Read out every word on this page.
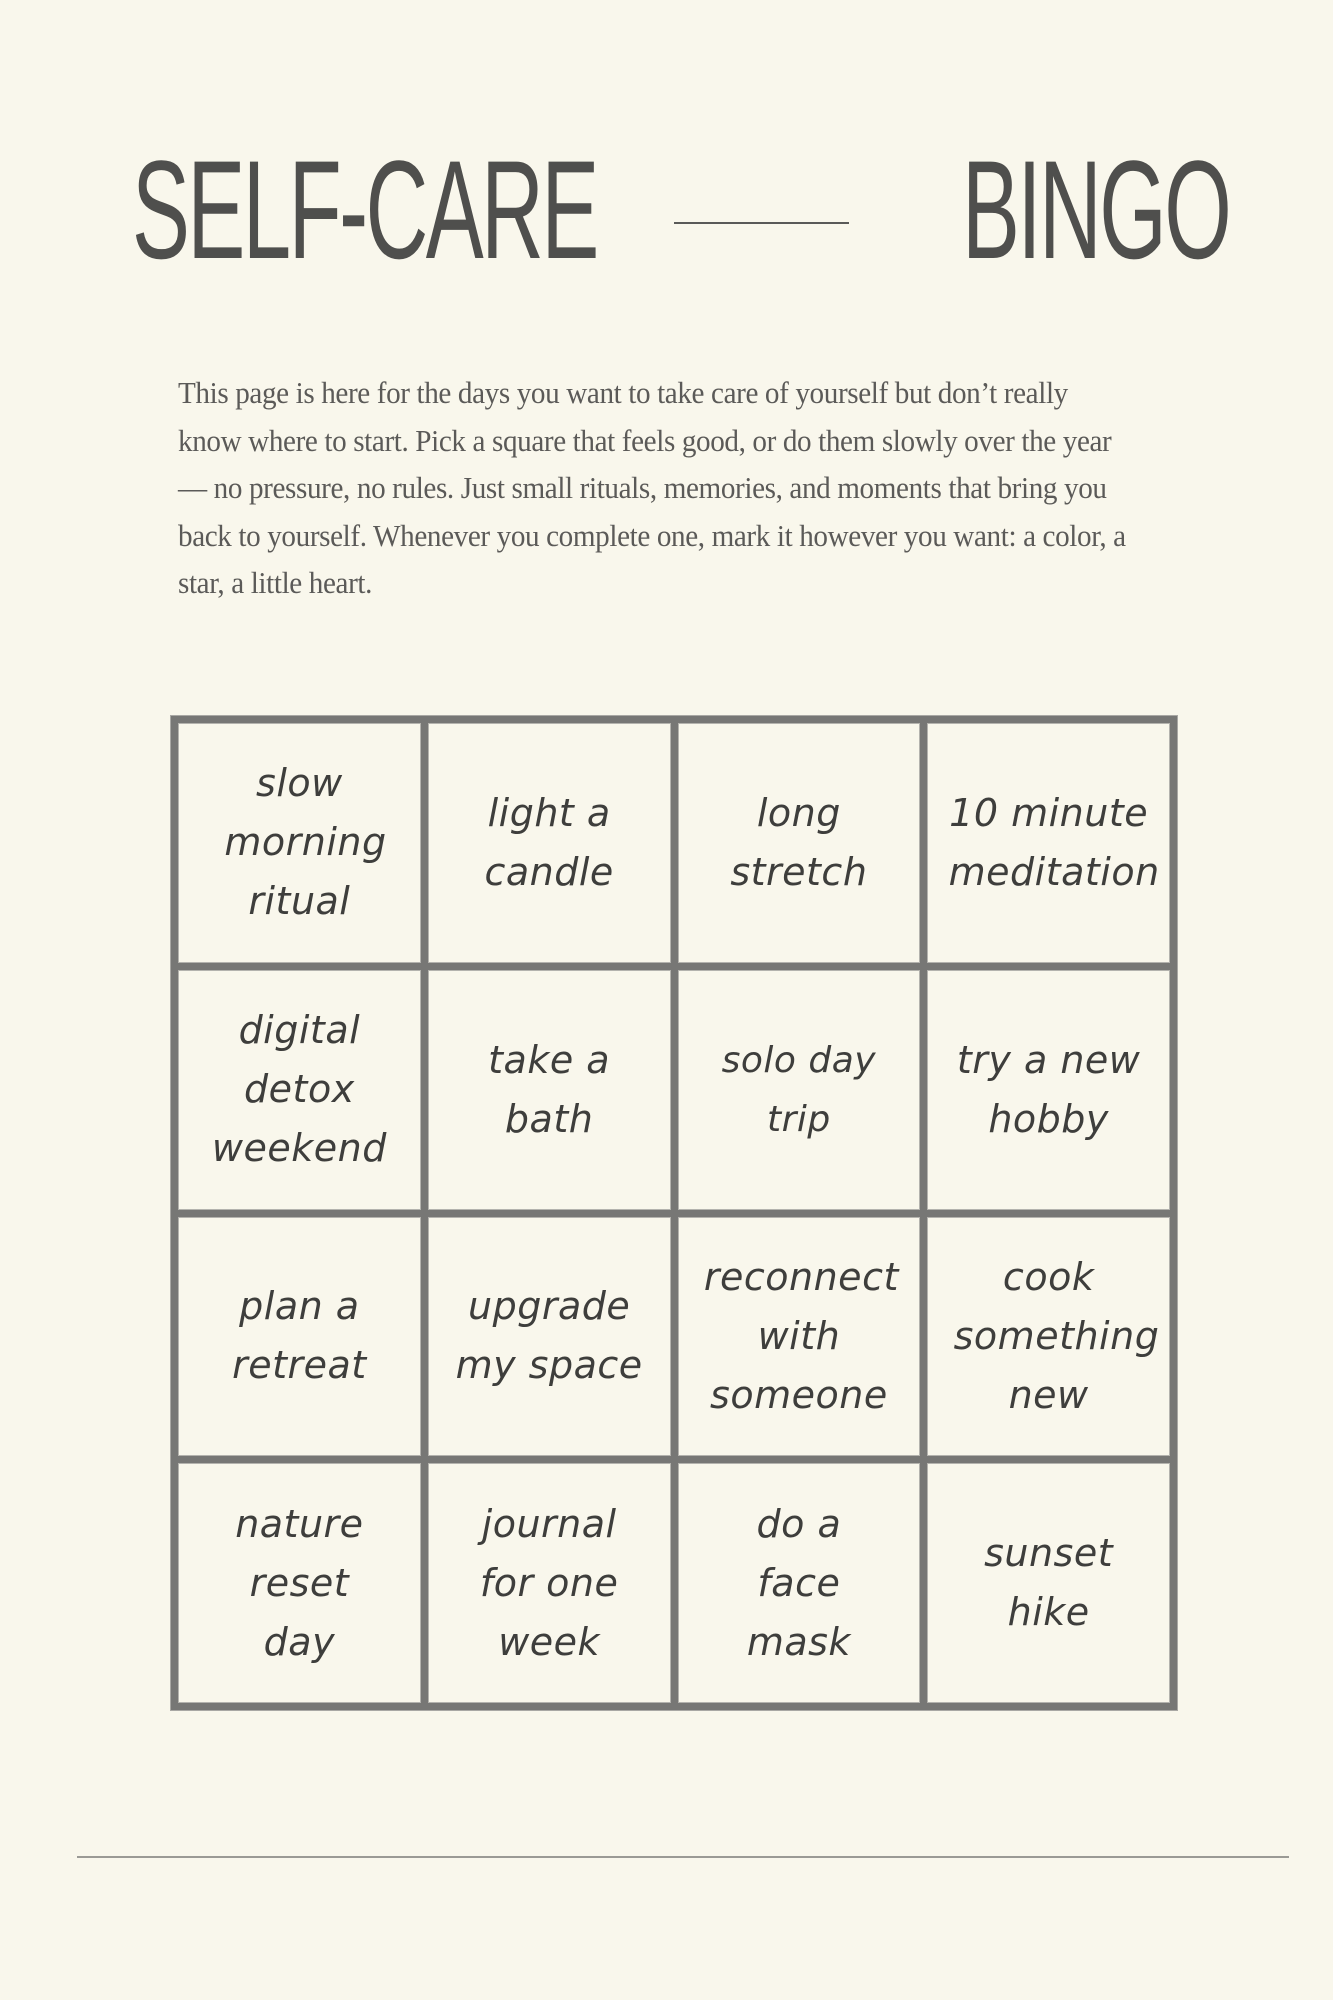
SELF-CARE	BINGO

This page is here for the days you want to take care of yourself but don’t really know where to start. Pick a square that feels good, or do them slowly over the year — no pressure, no rules. Just small rituals, memories, and moments that bring you back to yourself. Whenever you complete one, mark it however you want: a color, a star, a little heart.

slow morning ritual
light a candle
long stretch
10 minute meditation
digital detox weekend
take a bath
solo day trip
try a new hobby
plan a retreat
upgrade my space
reconnect with someone
cook something new
nature reset day
journal for one week
do a face mask
sunset hike
